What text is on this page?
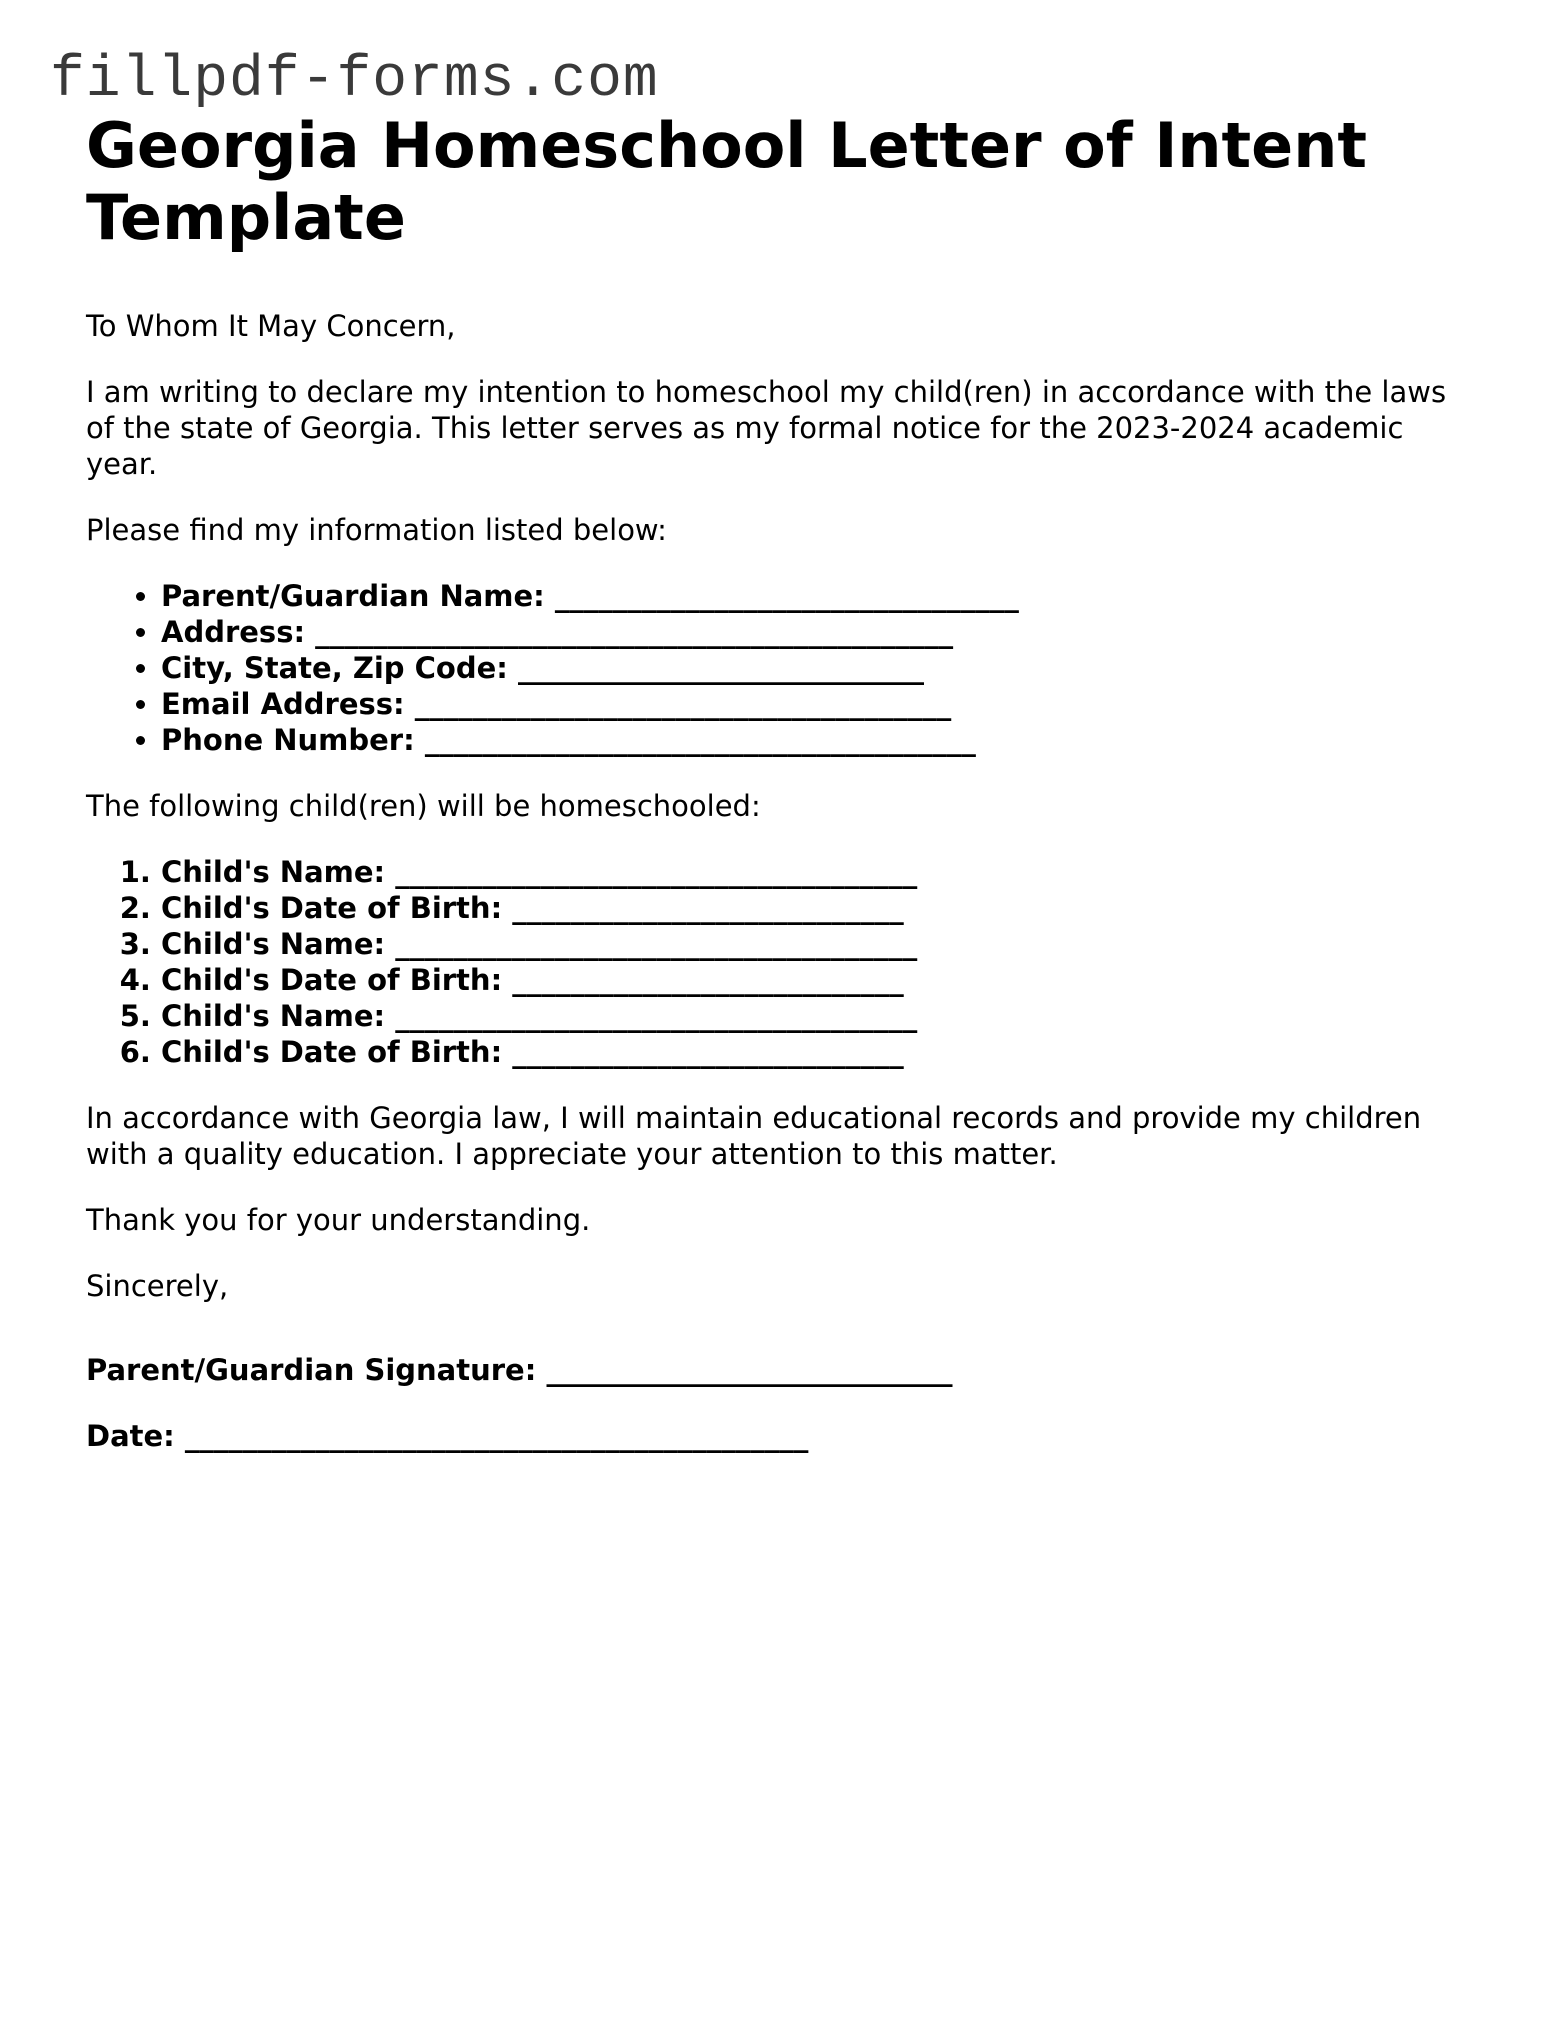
fillpdf-forms.com
Georgia Homeschool Letter of Intent Template

To Whom It May Concern,

I am writing to declare my intention to homeschool my child(ren) in accordance with the laws of the state of Georgia. This letter serves as my formal notice for the 2023-2024 academic year.

Please find my information listed below:

• Parent/Guardian Name: ________________________________
• Address: ____________________________________________
• City, State, Zip Code: ____________________________
• Email Address: _____________________________________
• Phone Number: ______________________________________

The following child(ren) will be homeschooled:

1. Child's Name: ____________________________________
2. Child's Date of Birth: ___________________________
3. Child's Name: ____________________________________
4. Child's Date of Birth: ___________________________
5. Child's Name: ____________________________________
6. Child's Date of Birth: ___________________________

In accordance with Georgia law, I will maintain educational records and provide my children with a quality education. I appreciate your attention to this matter.

Thank you for your understanding.

Sincerely,

Parent/Guardian Signature: ____________________________

Date: ___________________________________________
